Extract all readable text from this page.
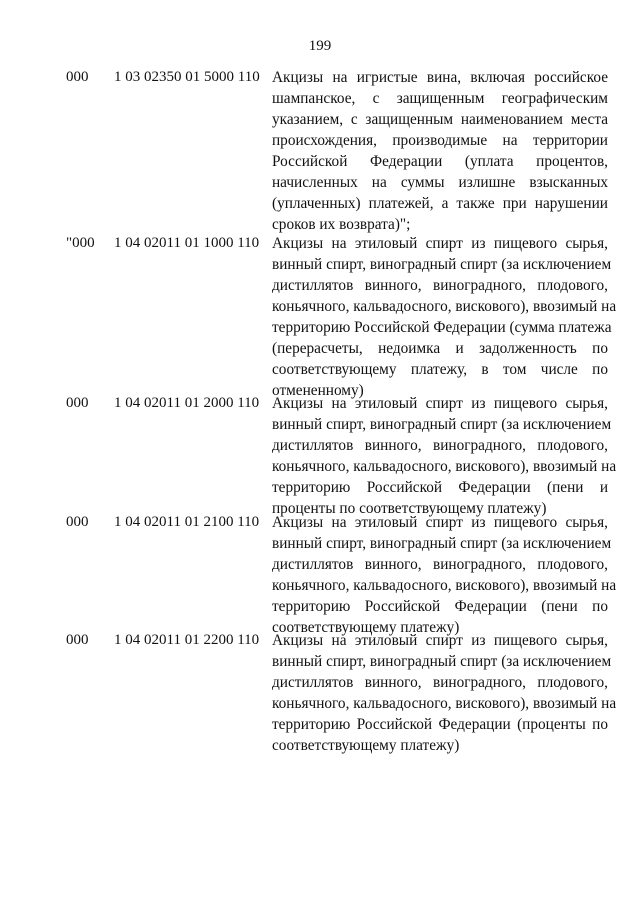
199
000 1 03 02350 01 5000 110 Акцизы на игристые вина, включая российское
шампанское, с защищенным географическим
указанием, с защищенным наименованием места
происхождения, производимые на территории
Российской Федерации (уплата процентов,
начисленных на суммы излишне взысканных
(уплаченных) платежей, а также при нарушении
сроков их возврата)";
"000 1 04 02011 01 1000 110 Акцизы на этиловый спирт из пищевого сырья,
винный спирт, виноградный спирт (за исключением
дистиллятов винного, виноградного, плодового,
коньячного, кальвадосного, вискового), ввозимый на
территорию Российской Федерации (сумма платежа
(перерасчеты, недоимка и задолженность по
соответствующему платежу, в том числе по
отмененному)
000 1 04 02011 01 2000 110 Акцизы на этиловый спирт из пищевого сырья,
винный спирт, виноградный спирт (за исключением
дистиллятов винного, виноградного, плодового,
коньячного, кальвадосного, вискового), ввозимый на
территорию Российской Федерации (пени и
проценты по соответствующему платежу)
000 1 04 02011 01 2100 110 Акцизы на этиловый спирт из пищевого сырья,
винный спирт, виноградный спирт (за исключением
дистиллятов винного, виноградного, плодового,
коньячного, кальвадосного, вискового), ввозимый на
территорию Российской Федерации (пени по
соответствующему платежу)
000 1 04 02011 01 2200 110 Акцизы на этиловый спирт из пищевого сырья,
винный спирт, виноградный спирт (за исключением
дистиллятов винного, виноградного, плодового,
коньячного, кальвадосного, вискового), ввозимый на
территорию Российской Федерации (проценты по
соответствующему платежу)
